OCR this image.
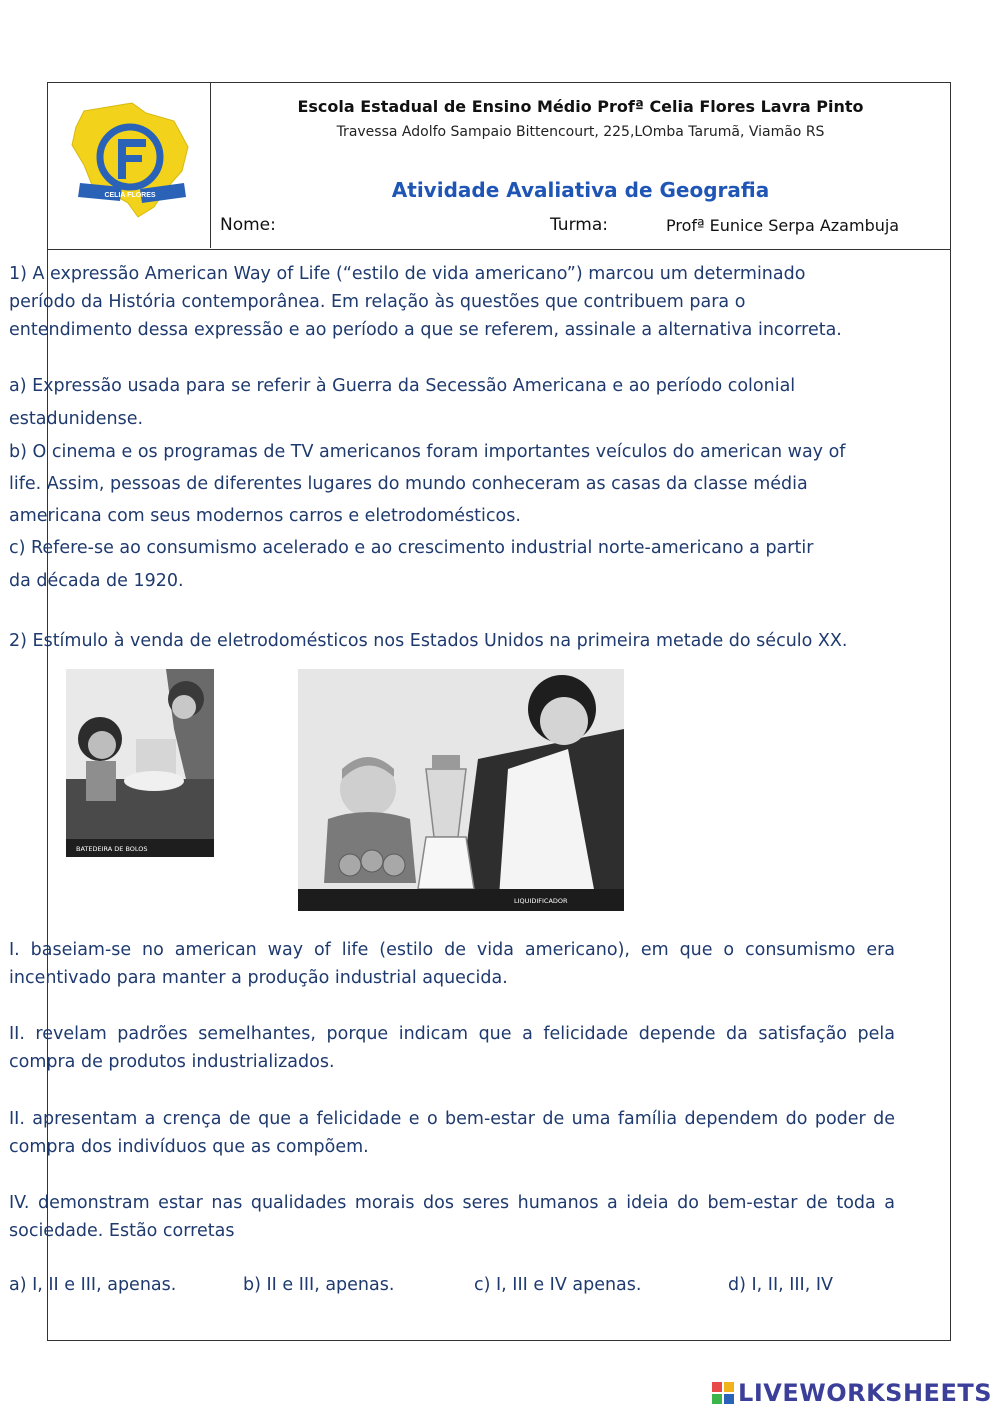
CELIA FLORES
Escola Estadual de Ensino Médio Profª Celia Flores Lavra Pinto
Travessa Adolfo Sampaio Bittencourt, 225,LOmba Tarumã, Viamão RS
Atividade Avaliativa de Geografia
Nome:	Turma:	Profª Eunice Serpa Azambuja
1) A expressão American Way of Life (“estilo de vida americano”) marcou um determinado
período da História contemporânea. Em relação às questões que contribuem para o
entendimento dessa expressão e ao período a que se referem, assinale a alternativa incorreta.
a) Expressão usada para se referir à Guerra da Secessão Americana e ao período colonial
estadunidense.
b) O cinema e os programas de TV americanos foram importantes veículos do american way of
life. Assim, pessoas de diferentes lugares do mundo conheceram as casas da classe média
americana com seus modernos carros e eletrodomésticos.
c) Refere-se ao consumismo acelerado e ao crescimento industrial norte-americano a partir
da década de 1920.
2) Estímulo à venda de eletrodomésticos nos Estados Unidos na primeira metade do século XX.
I. baseiam-se no american way of life (estilo de vida americano), em que o consumismo era incentivado para manter a produção industrial aquecida.
II. revelam padrões semelhantes, porque indicam que a felicidade depende da satisfação pela compra de produtos industrializados.
II. apresentam a crença de que a felicidade e o bem-estar de uma família dependem do poder de compra dos indivíduos que as compõem.
IV. demonstram estar nas qualidades morais dos seres humanos a ideia do bem-estar de toda a sociedade. Estão corretas
a) I, II e III, apenas.	b) II e III, apenas.	c) I, III e IV apenas.	d) I, II, III, IV
BATEDEIRA DE BOLOS
LIQUIDIFICADOR
LIVEWORKSHEETS
